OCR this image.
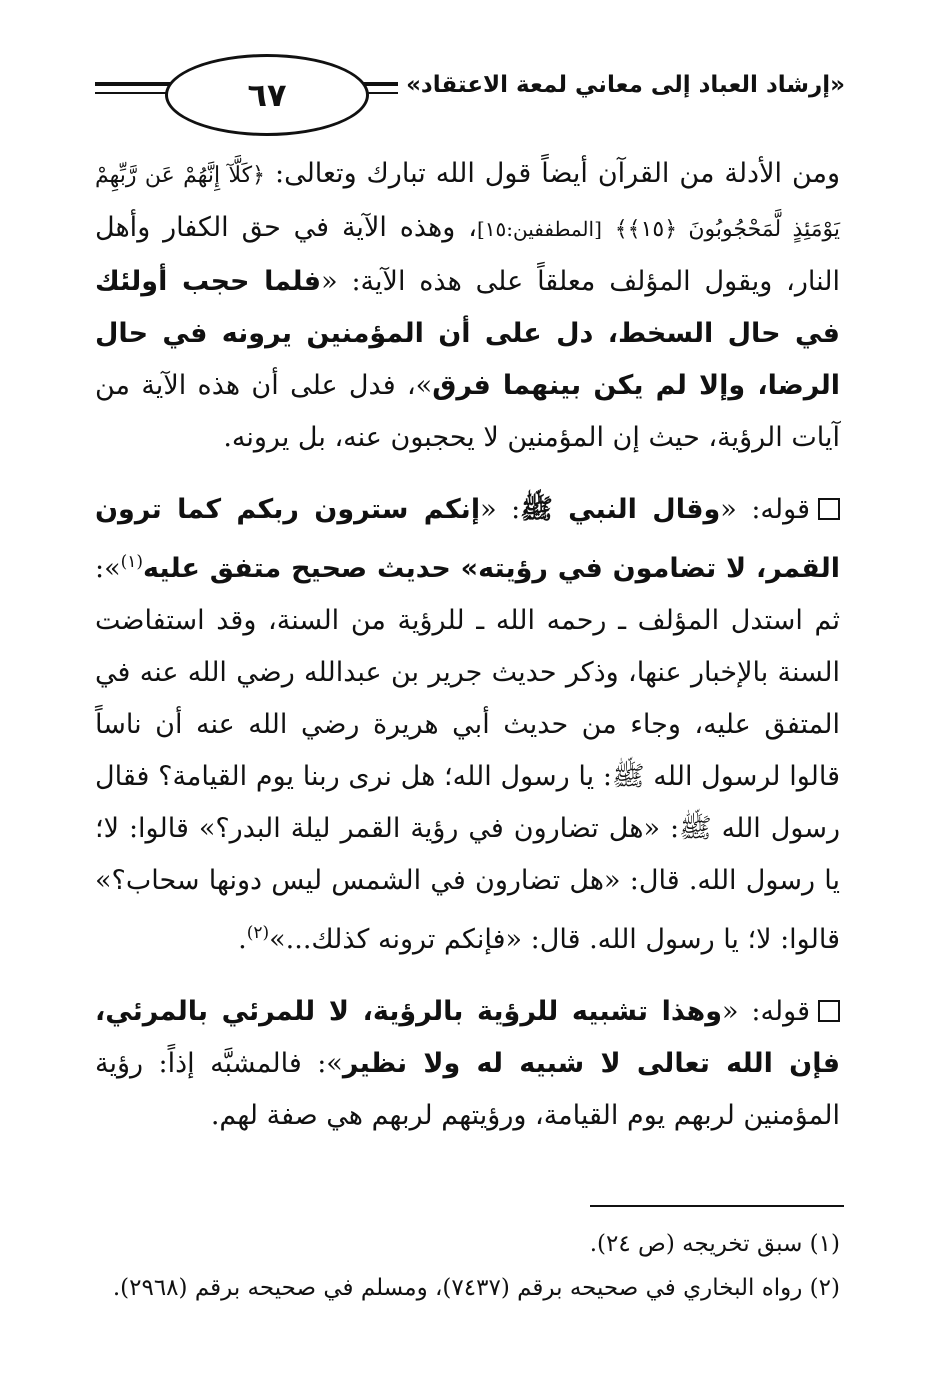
٦٧	«إرشاد العباد إلى معاني لمعة الاعتقاد»

ومن الأدلة من القرآن أيضاً قول الله تبارك وتعالى: ﴿كَلَّآ إِنَّهُمْ عَن رَّبِّهِمْ يَوْمَئِذٍ لَّمَحْجُوبُونَ ﴿١٥﴾﴾ [المطففين:١٥]، وهذه الآية في حق الكفار وأهل النار، ويقول المؤلف معلقاً على هذه الآية: «فلما حجب أولئك في حال السخط، دل على أن المؤمنين يرونه في حال الرضا، وإلا لم يكن بينهما فرق»، فدل على أن هذه الآية من آيات الرؤية، حيث إن المؤمنين لا يحجبون عنه، بل يرونه.

قوله: «وقال النبي ﷺ: «إنكم سترون ربكم كما ترون القمر، لا تضامون في رؤيته» حديث صحيح متفق عليه$^{(١)}$»: ثم استدل المؤلف ـ رحمه الله ـ للرؤية من السنة، وقد استفاضت السنة بالإخبار عنها، وذكر حديث جرير بن عبدالله رضي الله عنه في المتفق عليه، وجاء من حديث أبي هريرة رضي الله عنه أن ناساً قالوا لرسول الله ﷺ: يا رسول الله؛ هل نرى ربنا يوم القيامة؟ فقال رسول الله ﷺ: «هل تضارون في رؤية القمر ليلة البدر؟» قالوا: لا؛ يا رسول الله. قال: «هل تضارون في الشمس ليس دونها سحاب؟» قالوا: لا؛ يا رسول الله. قال: «فإنكم ترونه كذلك...»$^{(٢)}$.

قوله: «وهذا تشبيه للرؤية بالرؤية، لا للمرئي بالمرئي، فإن الله تعالى لا شبيه له ولا نظير»: فالمشبَّه إذاً: رؤية المؤمنين لربهم يوم القيامة، ورؤيتهم لربهم هي صفة لهم.

(١) سبق تخريجه (ص ٢٤).

(٢) رواه البخاري في صحيحه برقم (٧٤٣٧)، ومسلم في صحيحه برقم (٢٩٦٨).
